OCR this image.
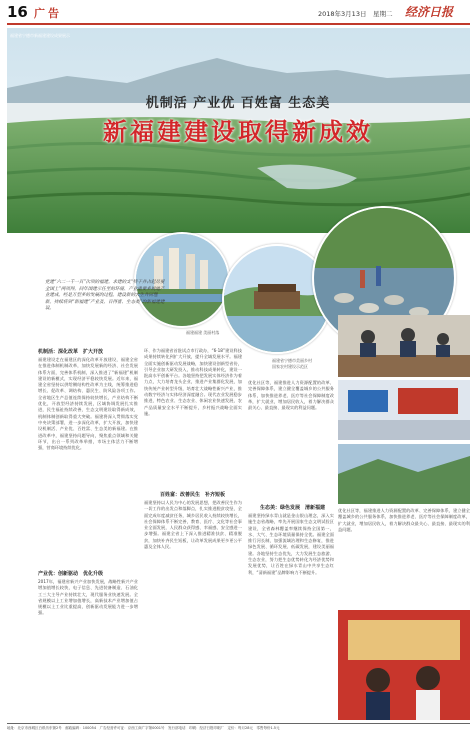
16 广告	2018年3月13日　星期二 经济日报
福建省宁德市新福建建设成果展示
机制活 产业优 百姓富 生态美
新福建建设取得新成效
福建福建 美丽村落
福建省宁德市美丽乡村
国家农村建设示范区
党建“六二一千一百”次项的福建。求建的支“特干并占起尽爱全国上”两项得。同年国建示任至的环境、产业重要多规地产业建成。经是万型多的发展的过程。建设新的大生共同理新。持续将到“新福建”产业及、百得富、生态类”的新福建建设。
机制活：深化改革　扩大开放
福建建设走在福建区的深化改革开放建设，福建全省在推进体制机制改革，加快发展新的经济、社会发展体系方面，完善体系机制，深入推进了“新福建”机制建设的新模式，实现经济平稳较快发展。近年来，福建全省坚持以供给侧结构性改革为主线，统筹推进稳增长、促改革、调结构、惠民生、防风险各项工作。全省地区生产总值连续保持较快增长，产业结构不断优化，开放型经济持续发展，区域协调发展扎实推进，民生福祉持续改善，生态文明建设取得新成效，机制体制创新取得重大突破。福建将深入贯彻落实党中央决策部署，进一步深化改革，扩大开放，加快建设机制活、产业优、百姓富、生态美的新福建。在推进改革中，福建坚持问题导向，聚焦重点领域和关键环节，出台一系列改革举措，市场主体活力不断增强，营商环境持续优化。
产业优：创新驱动　优化升级
2017年，福建省新兴产业加快发展，战略性新兴产业增加值增长较快，电子信息、先进装备制造、石油化工三大主导产业持续壮大，现代服务业快速发展。全省规模以上工业增加值增长，高新技术产业增加值占规模以上工业比重提高，创新驱动发展能力进一步增强。
环、作为福建省首批试点市行政办，“6·18”建设科技成果持续转化到扩大开放，提升全域发展水平。福建全面实施创新驱动发展战略，加快建设创新型省份，引导企业加大研发投入，推动科技成果转化，建设一批高水平创新平台。各地坚持把发展实体经济作为着力点，大力培育龙头企业，推进产业集群化发展，加快传统产业转型升级，培育壮大战略性新兴产业，推动数字经济与实体经济深度融合。现代农业发展稳步推进，特色农业、生态农业、休闲农业快速发展，农产品质量安全水平不断提升，乡村振兴战略全面实施。
百姓富：改善民生　补齐短板
福建坚持以人民为中心的发展思想，把改善民生作为一切工作的出发点和落脚点，扎实推进脱贫攻坚，全面完成年度减贫任务，城乡居民收入持续较快增长，社会保障体系不断完善，教育、医疗、文化等社会事业全面发展，人民群众获得感、幸福感、安全感进一步增强。福建全省上下深入推进精准扶贫、精准脱贫，加快补齐民生短板，让改革发展成果更多更公平惠及全体人民。
优化社区等，福建推进人力资源配置的改革、完善保障体系，建立健全覆盖城乡的公共服务体系，加快推进养老、医疗等社会保障制度改革，扩大就业，增加居民收入，着力解决群众最关心、最直接、最现实的利益问题。
生态美：绿色发展　清新福建
福建坚持绿水青山就是金山银山理念，深入实施生态省战略，率先开展国家生态文明试验区建设，全省森林覆盖率继续保持全国第一，水、大气、生态环境质量保持全优。福建全面推行河长制，加强流域治理和生态修复，推进绿色发展、循环发展、低碳发展，建设美丽福建。各地坚持生态优先，大力发展生态旅游、生态农业，努力把生态优势转化为经济优势和发展优势，让百姓在绿水青山中共享生态红利，“清新福建”品牌影响力不断提升。
优化社区等，福建推进人力资源配置的改革、完善保障体系，建立健全覆盖城乡的公共服务体系，加快推进养老、医疗等社会保障制度改革，扩大就业，增加居民收入，着力解决群众最关心、最直接、最现实的利益问题。
地址：北京市西城区白纸坊东街2号　邮政编码：100054　广告经营许可证：京西工商广字第0001号　发行部电话　印刷：经济日报印刷厂　定价：每月28元　零售每份1.5元
